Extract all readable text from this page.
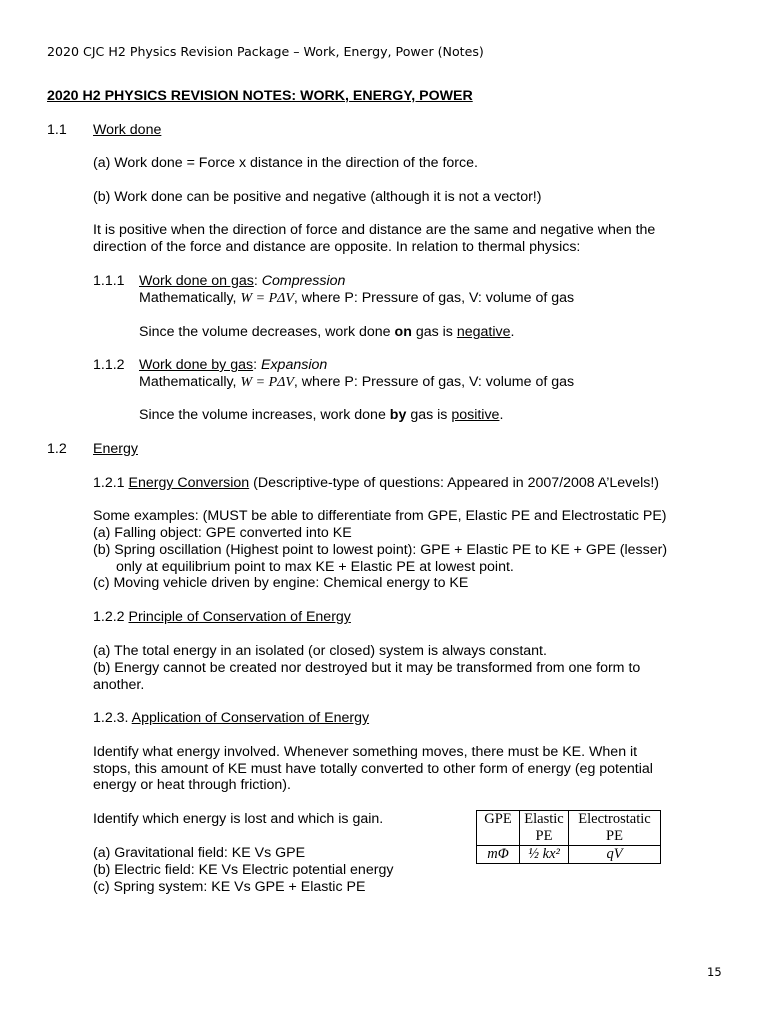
2020 CJC H2 Physics Revision Package – Work, Energy, Power (Notes)
2020 H2 PHYSICS REVISION NOTES: WORK, ENERGY, POWER
1.1 Work done
(a) Work done = Force x distance in the direction of the force.
(b) Work done can be positive and negative (although it is not a vector!)
It is positive when the direction of force and distance are the same and negative when the
direction of the force and distance are opposite. In relation to thermal physics:
1.1.1 Work done on gas: Compression
Mathematically, W = PΔV, where P: Pressure of gas, V: volume of gas
Since the volume decreases, work done on gas is negative.
1.1.2 Work done by gas: Expansion
Mathematically, W = PΔV, where P: Pressure of gas, V: volume of gas
Since the volume increases, work done by gas is positive.
1.2 Energy
1.2.1 Energy Conversion (Descriptive-type of questions: Appeared in 2007/2008 A’Levels!)
Some examples: (MUST be able to differentiate from GPE, Elastic PE and Electrostatic PE)
(a) Falling object: GPE converted into KE
(b) Spring oscillation (Highest point to lowest point): GPE + Elastic PE to KE + GPE (lesser)
only at equilibrium point to max KE + Elastic PE at lowest point.
(c) Moving vehicle driven by engine: Chemical energy to KE
1.2.2 Principle of Conservation of Energy
(a) The total energy in an isolated (or closed) system is always constant.
(b) Energy cannot be created nor destroyed but it may be transformed from one form to
another.
1.2.3. Application of Conservation of Energy
Identify what energy involved. Whenever something moves, there must be KE. When it
stops, this amount of KE must have totally converted to other form of energy (eg potential
energy or heat through friction).
Identify which energy is lost and which is gain.
(a) Gravitational field: KE Vs GPE
(b) Electric field: KE Vs Electric potential energy
(c) Spring system: KE Vs GPE + Elastic PE
GPE	Elastic PE	Electrostatic PE
mΦ	½ kx²	qV
15
